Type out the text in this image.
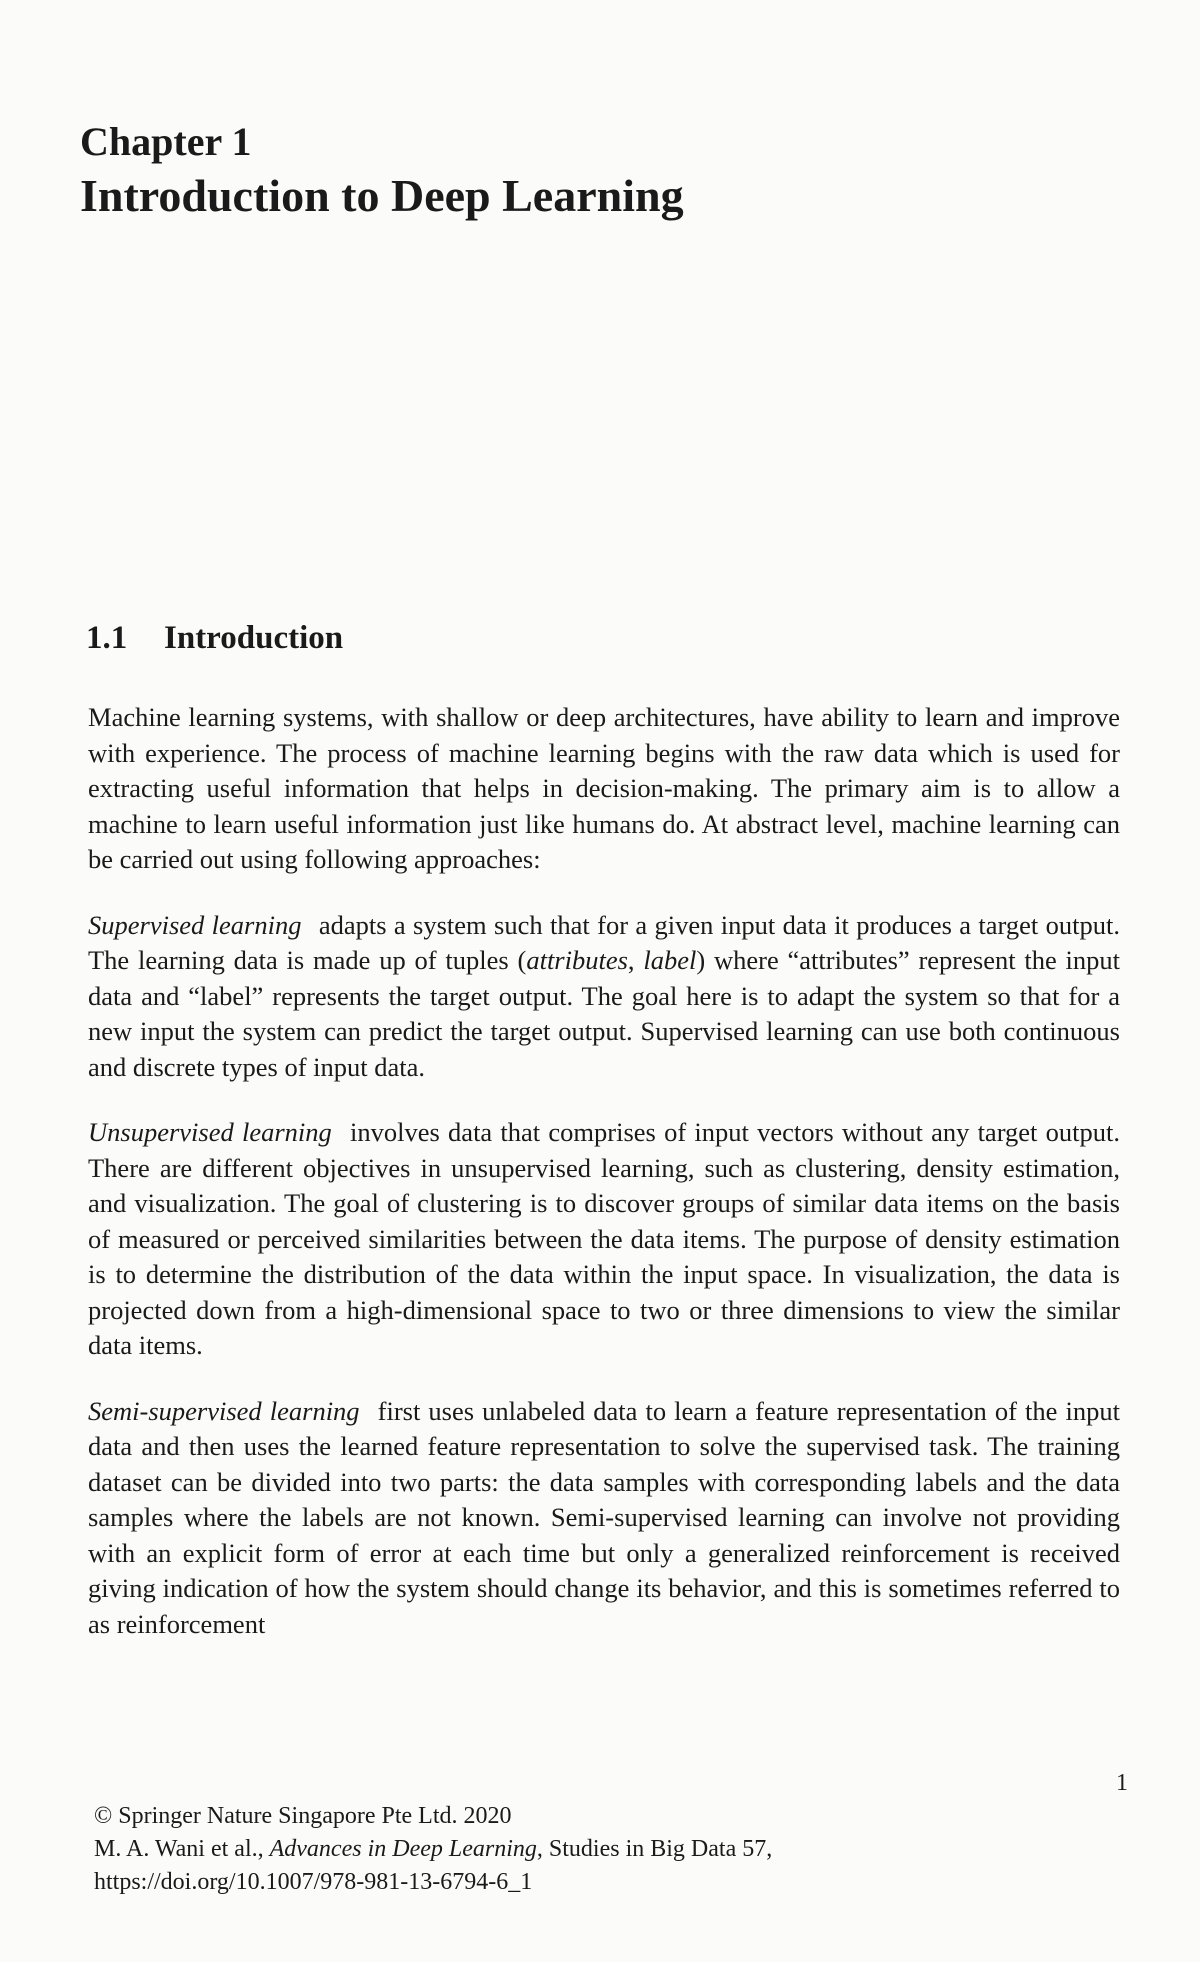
Chapter 1
Introduction to Deep Learning
1.1 Introduction

Machine learning systems, with shallow or deep architectures, have ability to learn and improve with experience. The process of machine learning begins with the raw data which is used for extracting useful information that helps in decision-making. The primary aim is to allow a machine to learn useful information just like humans do. At abstract level, machine learning can be carried out using following approaches:

Supervised learning adapts a system such that for a given input data it produces a target output. The learning data is made up of tuples (attributes, label) where “attributes” represent the input data and “label” represents the target output. The goal here is to adapt the system so that for a new input the system can predict the target output. Supervised learning can use both continuous and discrete types of input data.

Unsupervised learning involves data that comprises of input vectors without any target output. There are different objectives in unsupervised learning, such as clustering, density estimation, and visualization. The goal of clustering is to discover groups of similar data items on the basis of measured or perceived similarities between the data items. The purpose of density estimation is to determine the distribution of the data within the input space. In visualization, the data is projected down from a high-dimensional space to two or three dimensions to view the similar data items.

Semi-supervised learning first uses unlabeled data to learn a feature representation of the input data and then uses the learned feature representation to solve the supervised task. The training dataset can be divided into two parts: the data samples with corresponding labels and the data samples where the labels are not known. Semi-supervised learning can involve not providing with an explicit form of error at each time but only a generalized reinforcement is received giving indication of how the system should change its behavior, and this is sometimes referred to as reinforcement

1
© Springer Nature Singapore Pte Ltd. 2020
M. A. Wani et al., Advances in Deep Learning, Studies in Big Data 57,
https://doi.org/10.1007/978-981-13-6794-6_1
